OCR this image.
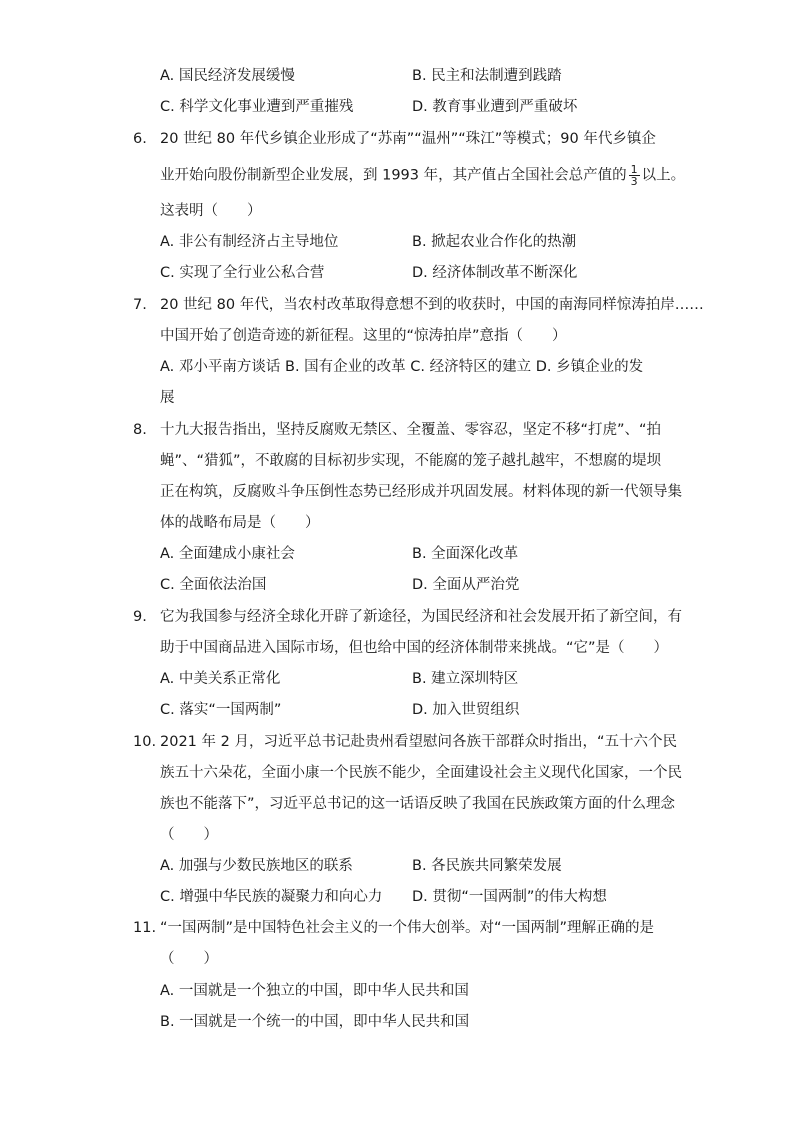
A. 国民经济发展缓慢	B. 民主和法制遭到践踏
C. 科学文化事业遭到严重摧残	D. 教育事业遭到严重破坏
6. 20 世纪 80 年代乡镇企业形成了“苏南”“温州”“珠江”等模式；90 年代乡镇企
业开始向股份制新型企业发展，到 1993 年，其产值占全国社会总产值的 $\frac{1}{3}$ 以上。
这表明（　　）
A. 非公有制经济占主导地位	B. 掀起农业合作化的热潮
C. 实现了全行业公私合营	D. 经济体制改革不断深化
7. 20 世纪 80 年代，当农村改革取得意想不到的收获时，中国的南海同样惊涛拍岸……
中国开始了创造奇迹的新征程。这里的“惊涛拍岸”意指（　　）
A. 邓小平南方谈话 B. 国有企业的改革 C. 经济特区的建立 D. 乡镇企业的发
展
8. 十九大报告指出，坚持反腐败无禁区、全覆盖、零容忍，坚定不移“打虎”、“拍
蝇”、“猎狐”，不敢腐的目标初步实现，不能腐的笼子越扎越牢，不想腐的堤坝
正在构筑，反腐败斗争压倒性态势已经形成并巩固发展。材料体现的新一代领导集
体的战略布局是（　　）
A. 全面建成小康社会	B. 全面深化改革
C. 全面依法治国	D. 全面从严治党
9. 它为我国参与经济全球化开辟了新途径，为国民经济和社会发展开拓了新空间，有
助于中国商品进入国际市场，但也给中国的经济体制带来挑战。“它”是（　　）
A. 中美关系正常化	B. 建立深圳特区
C. 落实“一国两制”	D. 加入世贸组织
10. 2021 年 2 月，习近平总书记赴贵州看望慰问各族干部群众时指出，“五十六个民
族五十六朵花，全面小康一个民族不能少，全面建设社会主义现代化国家，一个民
族也不能落下”，习近平总书记的这一话语反映了我国在民族政策方面的什么理念
（　　）
A. 加强与少数民族地区的联系	B. 各民族共同繁荣发展
C. 增强中华民族的凝聚力和向心力 D. 贯彻“一国两制”的伟大构想
11. “一国两制”是中国特色社会主义的一个伟大创举。对“一国两制”理解正确的是
（　　）
A. 一国就是一个独立的中国，即中华人民共和国
B. 一国就是一个统一的中国，即中华人民共和国
